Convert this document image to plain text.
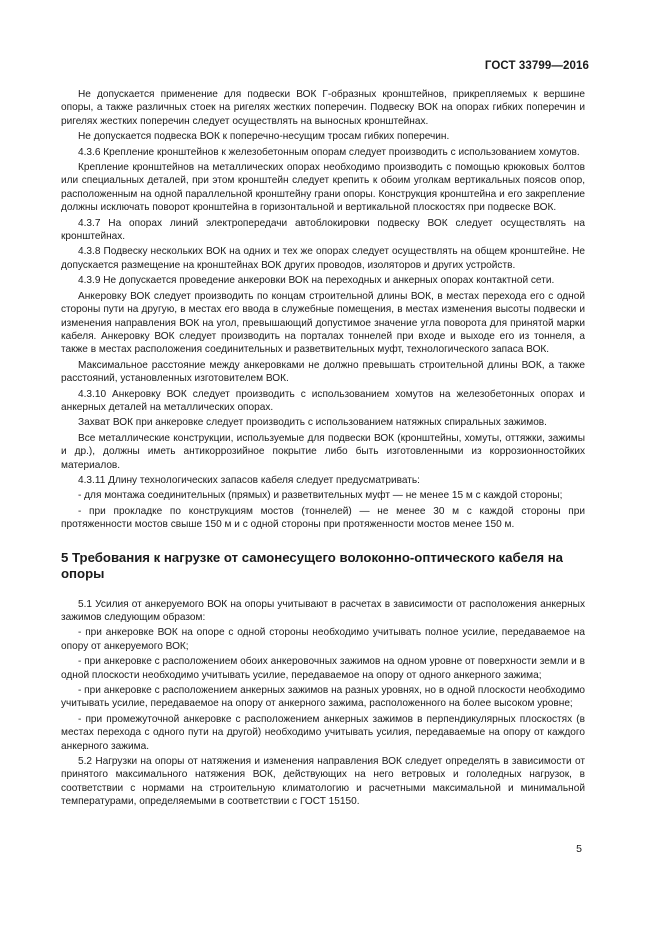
ГОСТ 33799—2016

Не допускается применение для подвески ВОК Г-образных кронштейнов, прикрепляемых к вершине опоры, а также различных стоек на ригелях жестких поперечин. Подвеску ВОК на опорах гибких поперечин и ригелях жестких поперечин следует осуществлять на выносных кронштейнах.

Не допускается подвеска ВОК к поперечно-несущим тросам гибких поперечин.

4.3.6 Крепление кронштейнов к железобетонным опорам следует производить с использованием хомутов.

Крепление кронштейнов на металлических опорах необходимо производить с помощью крюковых болтов или специальных деталей, при этом кронштейн следует крепить к обоим уголкам вертикальных поясов опор, расположенным на одной параллельной кронштейну грани опоры. Конструкция кронштейна и его закрепление должны исключать поворот кронштейна в горизонтальной и вертикальной плоскостях при подвеске ВОК.

4.3.7 На опорах линий электропередачи автоблокировки подвеску ВОК следует осуществлять на кронштейнах.

4.3.8 Подвеску нескольких ВОК на одних и тех же опорах следует осуществлять на общем кронштейне. Не допускается размещение на кронштейнах ВОК других проводов, изоляторов и других устройств.

4.3.9 Не допускается проведение анкеровки ВОК на переходных и анкерных опорах контактной сети.

Анкеровку ВОК следует производить по концам строительной длины ВОК, в местах перехода его с одной стороны пути на другую, в местах его ввода в служебные помещения, в местах изменения высоты подвески и изменения направления ВОК на угол, превышающий допустимое значение угла поворота для принятой марки кабеля. Анкеровку ВОК следует производить на порталах тоннелей при входе и выходе его из тоннеля, а также в местах расположения соединительных и разветвительных муфт, технологического запаса ВОК.

Максимальное расстояние между анкеровками не должно превышать строительной длины ВОК, а также расстояний, установленных изготовителем ВОК.

4.3.10 Анкеровку ВОК следует производить с использованием хомутов на железобетонных опорах и анкерных деталей на металлических опорах.

Захват ВОК при анкеровке следует производить с использованием натяжных спиральных зажимов.

Все металлические конструкции, используемые для подвески ВОК (кронштейны, хомуты, оттяжки, зажимы и др.), должны иметь антикоррозийное покрытие либо быть изготовленными из коррозионностойких материалов.

4.3.11 Длину технологических запасов кабеля следует предусматривать:

- для монтажа соединительных (прямых) и разветвительных муфт — не менее 15 м с каждой стороны;

- при прокладке по конструкциям мостов (тоннелей) — не менее 30 м с каждой стороны при протяженности мостов свыше 150 м и с одной стороны при протяженности мостов менее 150 м.

5 Требования к нагрузке от самонесущего волоконно-оптического кабеля на опоры

5.1 Усилия от анкеруемого ВОК на опоры учитывают в расчетах в зависимости от расположения анкерных зажимов следующим образом:

- при анкеровке ВОК на опоре с одной стороны необходимо учитывать полное усилие, передаваемое на опору от анкеруемого ВОК;

- при анкеровке с расположением обоих анкеровочных зажимов на одном уровне от поверхности земли и в одной плоскости необходимо учитывать усилие, передаваемое на опору от одного анкерного зажима;

- при анкеровке с расположением анкерных зажимов на разных уровнях, но в одной плоскости необходимо учитывать усилие, передаваемое на опору от анкерного зажима, расположенного на более высоком уровне;

- при промежуточной анкеровке с расположением анкерных зажимов в перпендикулярных плоскостях (в местах перехода с одного пути на другой) необходимо учитывать усилия, передаваемые на опору от каждого анкерного зажима.

5.2 Нагрузки на опоры от натяжения и изменения направления ВОК следует определять в зависимости от принятого максимального натяжения ВОК, действующих на него ветровых и гололедных нагрузок, в соответствии с нормами на строительную климатологию и расчетными максимальной и минимальной температурами, определяемыми в соответствии с ГОСТ 15150.

5
